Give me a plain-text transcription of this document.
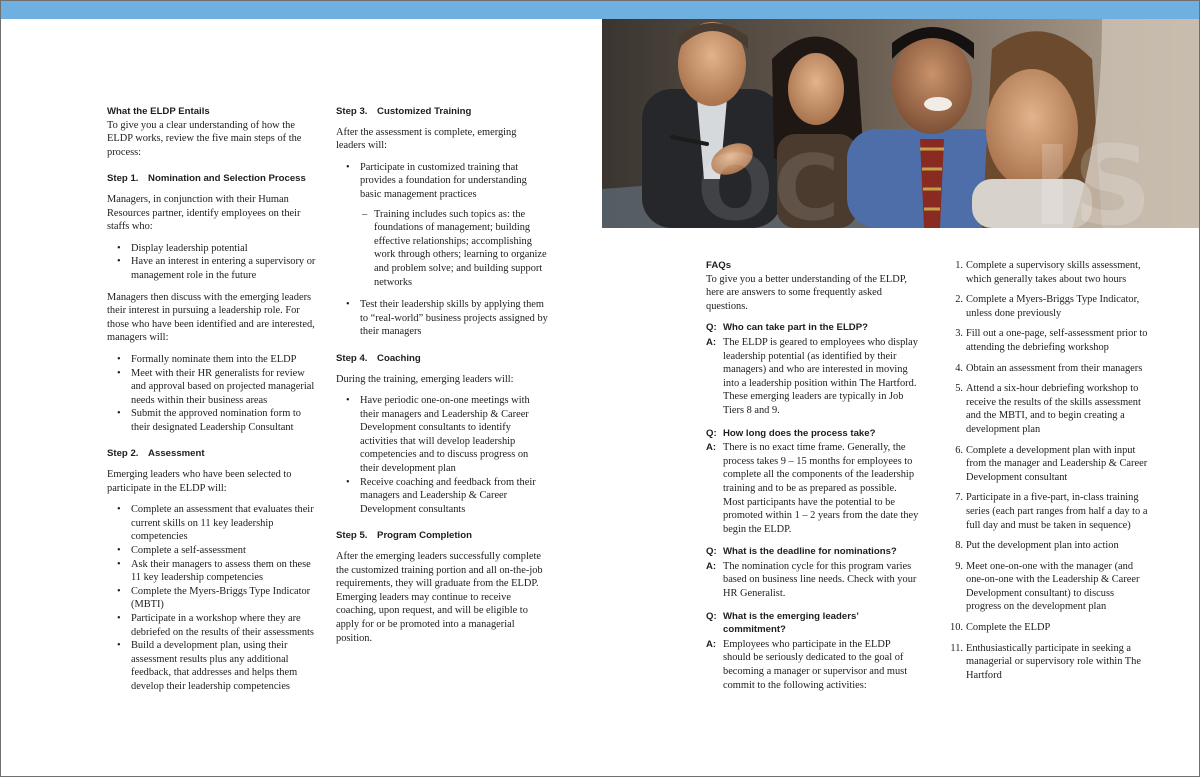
What the ELDP Entails

To give you a clear understanding of how the ELDP works, review the five main steps of the process:

Step 1. Nomination and Selection Process

Managers, in conjunction with their Human Resources partner, identify employees on their staffs who:

• Display leadership potential
• Have an interest in entering a supervisory or management role in the future

Managers then discuss with the emerging leaders their interest in pursuing a leadership role. For those who have been identified and are interested, managers will:

• Formally nominate them into the ELDP
• Meet with their HR generalists for review and approval based on projected managerial needs within their business areas
• Submit the approved nomination form to their designated Leadership Consultant
Step 2. Assessment

Emerging leaders who have been selected to participate in the ELDP will:

• Complete an assessment that evaluates their current skills on 11 key leadership competencies
• Complete a self-assessment
• Ask their managers to assess them on these 11 key leadership competencies
• Complete the Myers-Briggs Type Indicator (MBTI)
• Participate in a workshop where they are debriefed on the results of their assessments
• Build a development plan, using their assessment results plus any additional feedback, that addresses and helps them develop their leadership competencies
Step 3. Customized Training

After the assessment is complete, emerging leaders will:

• Participate in customized training that provides a foundation for understanding basic management practices
– Training includes such topics as: the foundations of management; building effective relationships; accomplishing work through others; learning to organize and problem solve; and building support networks
• Test their leadership skills by applying them to “real-world” business projects assigned by their managers
Step 4. Coaching

During the training, emerging leaders will:

• Have periodic one-on-one meetings with their managers and Leadership & Career Development consultants to identify activities that will develop leadership competencies and to discuss progress on their development plan
• Receive coaching and feedback from their managers and Leadership & Career Development consultants
Step 5. Program Completion

After the emerging leaders successfully complete the customized training portion and all on-the-job requirements, they will graduate from the ELDP. Emerging leaders may continue to receive coaching, upon request, and will be eligible to apply for or be promoted into a managerial position.

IS
OC
FAQs

To give you a better understanding of the ELDP, here are answers to some frequently asked questions.

Q: Who can take part in the ELDP?
A: The ELDP is geared to employees who display leadership potential (as identified by their managers) and who are interested in moving into a leadership position within The Hartford. These emerging leaders are typically in Job Tiers 8 and 9.
Q: How long does the process take?
A: There is no exact time frame. Generally, the process takes 9 – 15 months for employees to complete all the components of the leadership training and to be as prepared as possible. Most participants have the potential to be promoted within 1 – 2 years from the date they begin the ELDP.
Q: What is the deadline for nominations?
A: The nomination cycle for this program varies based on business line needs. Check with your HR Generalist.
Q: What is the emerging leaders’ commitment?
A: Employees who participate in the ELDP should be seriously dedicated to the goal of becoming a manager or supervisor and must commit to the following activities:
1. Complete a supervisory skills assessment, which generally takes about two hours
2. Complete a Myers-Briggs Type Indicator, unless done previously
3. Fill out a one-page, self-assessment prior to attending the debriefing workshop
4. Obtain an assessment from their managers
5. Attend a six-hour debriefing workshop to receive the results of the skills assessment and the MBTI, and to begin creating a development plan
6. Complete a development plan with input from the manager and Leadership & Career Development consultant
7. Participate in a five-part, in-class training series (each part ranges from half a day to a full day and must be taken in sequence)
8. Put the development plan into action
9. Meet one-on-one with the manager (and one-on-one with the Leadership & Career Development consultant) to discuss progress on the development plan
10. Complete the ELDP
11. Enthusiastically participate in seeking a managerial or supervisory role within The Hartford
